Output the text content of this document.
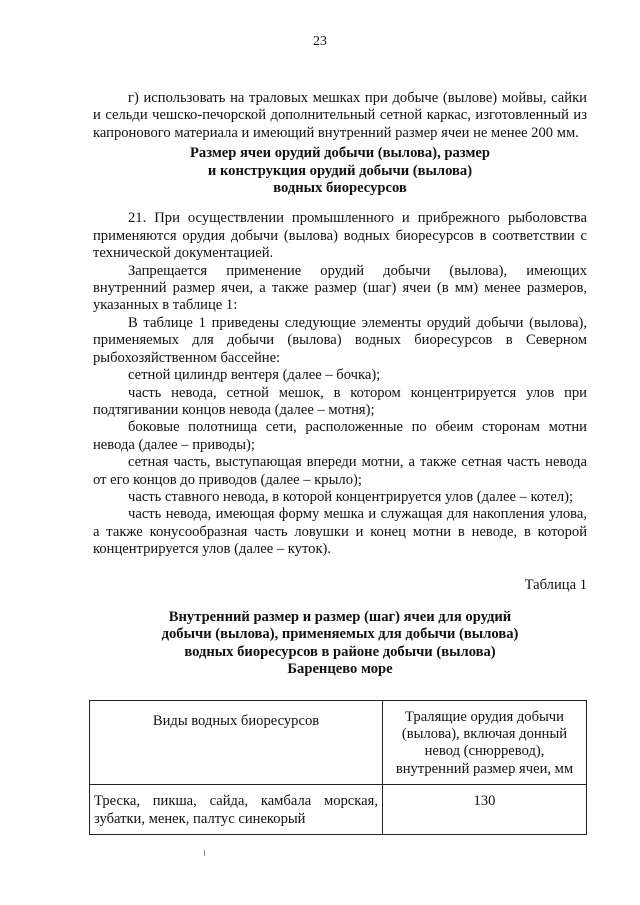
23

г) использовать на траловых мешках при добыче (вылове) мойвы, сайки и сельди чешско-печорской дополнительный сетной каркас, изготовленный из капронового материала и имеющий внутренний размер ячеи не менее 200 мм.

Размер ячеи орудий добычи (вылова), размер
и конструкция орудий добычи (вылова)
водных биоресурсов

21. При осуществлении промышленного и прибрежного рыболовства применяются орудия добычи (вылова) водных биоресурсов в соответствии с технической документацией.

Запрещается применение орудий добычи (вылова), имеющих внутренний размер ячеи, а также размер (шаг) ячеи (в мм) менее размеров, указанных в таблице 1:

В таблице 1 приведены следующие элементы орудий добычи (вылова), применяемых для добычи (вылова) водных биоресурсов в Северном рыбохозяйственном бассейне:

сетной цилиндр вентеря (далее – бочка);

часть невода, сетной мешок, в котором концентрируется улов при подтягивании концов невода (далее – мотня);

боковые полотнища сети, расположенные по обеим сторонам мотни невода (далее – приводы);

сетная часть, выступающая впереди мотни, а также сетная часть невода от его концов до приводов (далее – крыло);

часть ставного невода, в которой концентрируется улов (далее – котел);

часть невода, имеющая форму мешка и служащая для накопления улова, а также конусообразная часть ловушки и конец мотни в неводе, в которой концентрируется улов (далее – куток).

Таблица 1
Внутренний размер и размер (шаг) ячеи для орудий
добычи (вылова), применяемых для добычи (вылова)
водных биоресурсов в районе добычи (вылова)
Баренцево море
Виды водных биоресурсов	Тралящие орудия добычи (вылова), включая донный невод (снюрревод), внутренний размер ячеи, мм
Треска, пикша, сайда, камбала морская, зубатки, менек, палтус синекорый	130
